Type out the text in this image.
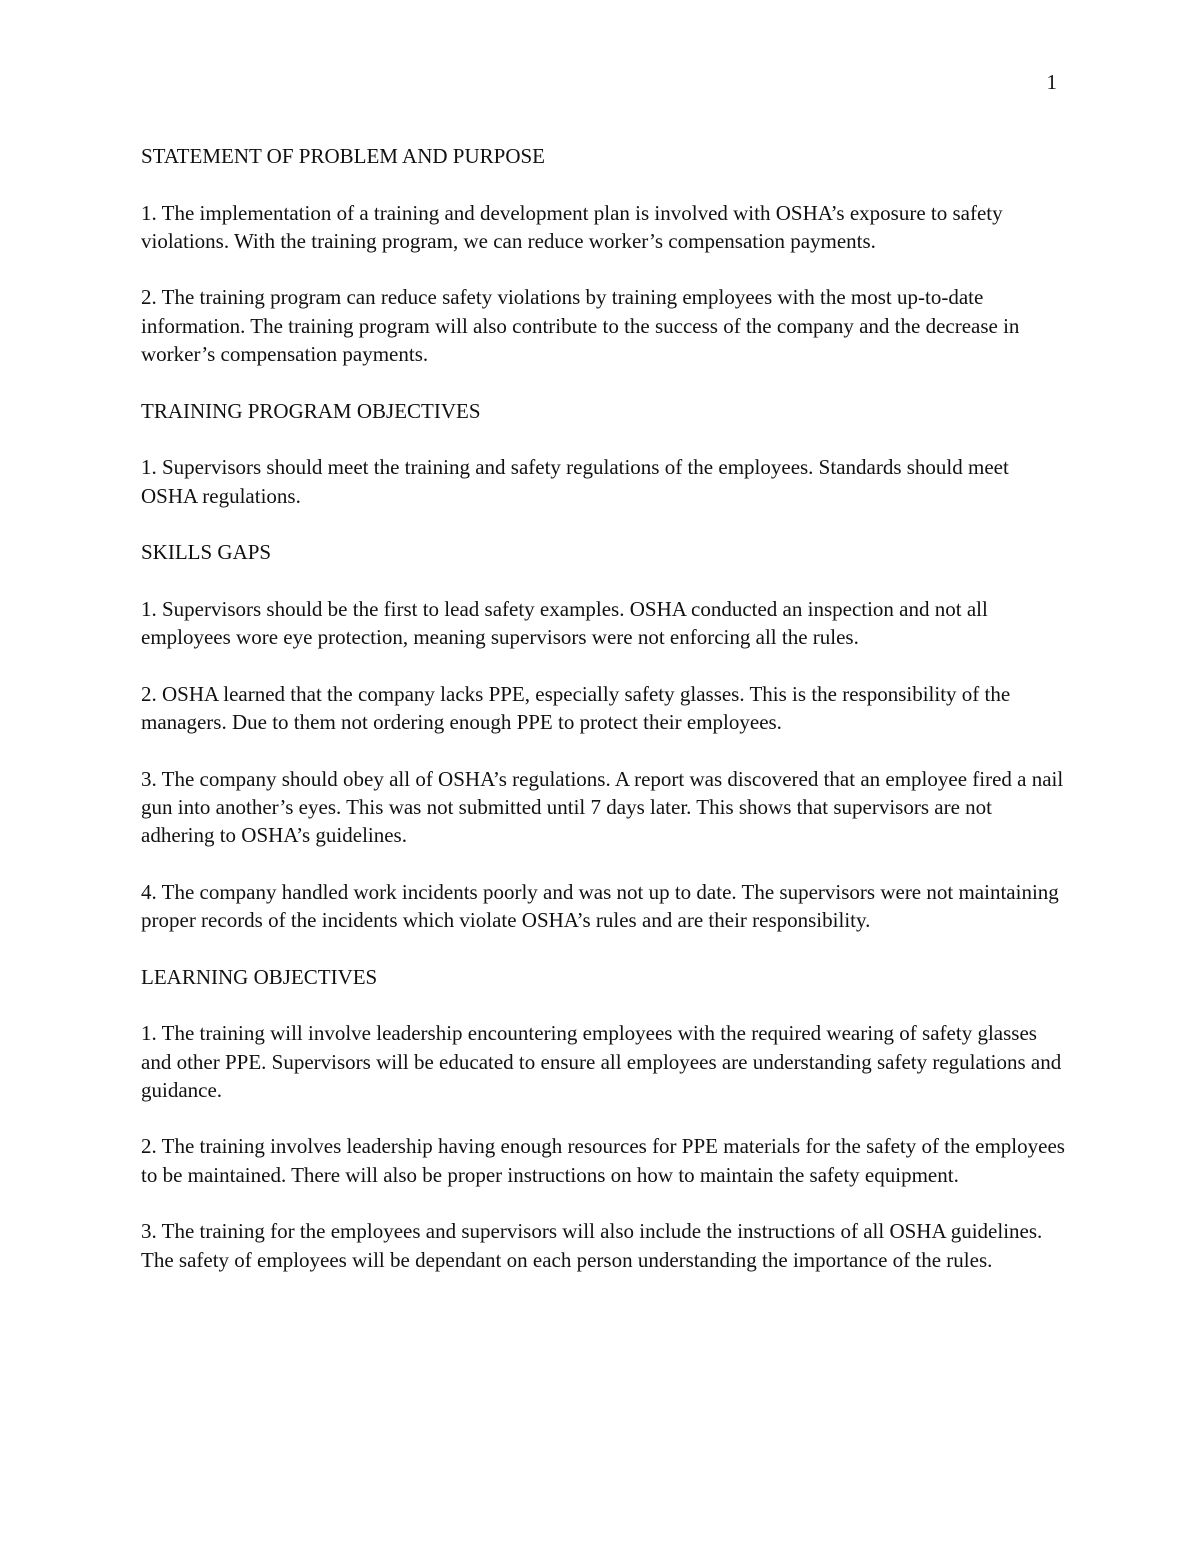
1

STATEMENT OF PROBLEM AND PURPOSE

1. The implementation of a training and development plan is involved with OSHA’s exposure to safety violations. With the training program, we can reduce worker’s compensation payments.

2. The training program can reduce safety violations by training employees with the most up-to-date information. The training program will also contribute to the success of the company and the decrease in worker’s compensation payments.

TRAINING PROGRAM OBJECTIVES

1. Supervisors should meet the training and safety regulations of the employees. Standards should meet OSHA regulations.

SKILLS GAPS

1. Supervisors should be the first to lead safety examples. OSHA conducted an inspection and not all employees wore eye protection, meaning supervisors were not enforcing all the rules.

2. OSHA learned that the company lacks PPE, especially safety glasses. This is the responsibility of the managers. Due to them not ordering enough PPE to protect their employees.

3. The company should obey all of OSHA’s regulations. A report was discovered that an employee fired a nail gun into another’s eyes. This was not submitted until 7 days later. This shows that supervisors are not adhering to OSHA’s guidelines.

4. The company handled work incidents poorly and was not up to date. The supervisors were not maintaining proper records of the incidents which violate OSHA’s rules and are their responsibility.

LEARNING OBJECTIVES

1. The training will involve leadership encountering employees with the required wearing of safety glasses and other PPE. Supervisors will be educated to ensure all employees are understanding safety regulations and guidance.

2. The training involves leadership having enough resources for PPE materials for the safety of the employees to be maintained. There will also be proper instructions on how to maintain the safety equipment.

3. The training for the employees and supervisors will also include the instructions of all OSHA guidelines. The safety of employees will be dependant on each person understanding the importance of the rules.
